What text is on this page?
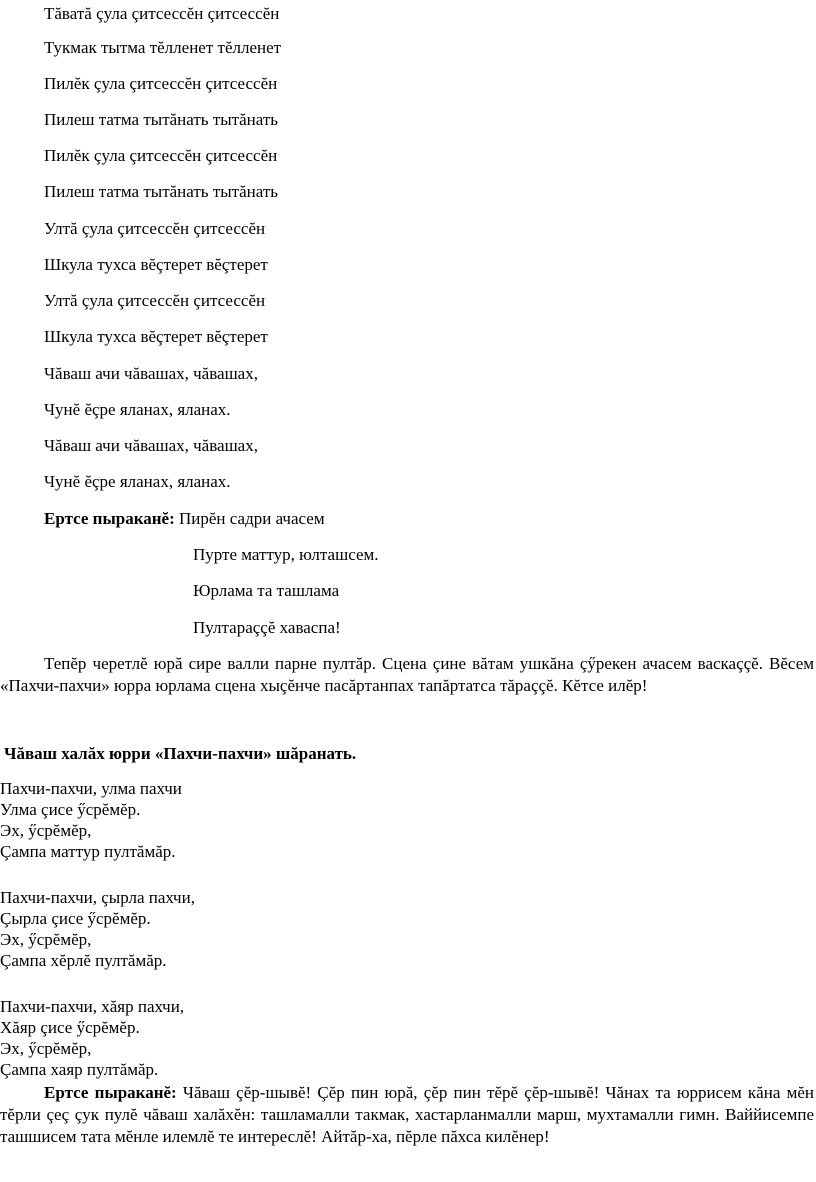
Тăватă çула çитсессĕн çитсессĕн
Тукмак тытма тĕлленет тĕлленет
Пилĕк çула çитсессĕн çитсессĕн
Пилеш татма тытăнать тытăнать
Пилĕк çула çитсессĕн çитсессĕн
Пилеш татма тытăнать тытăнать
Ултă çула çитсессĕн çитсессĕн
Шкула тухса вĕçтерет вĕçтерет
Ултă çула çитсессĕн çитсессĕн
Шкула тухса вĕçтерет вĕçтерет
Чăваш ачи чăвашах, чăвашах,
Чунĕ ĕçре яланах, яланах.
Чăваш ачи чăвашах, чăвашах,
Чунĕ ĕçре яланах, яланах.
Ертсе пыраканĕ: Пирĕн садри ачасем
Пурте маттур, юлташсем.
Юрлама та ташлама
Пултараççĕ хаваспа!
Тепĕр черетлĕ юрă сире валли парне пултăр. Сцена çине вăтам ушкăна çӳрекен ачасем васкаççĕ. Вĕсем «Пахчи-пахчи» юрра юрлама сцена хыçĕнче пасăртанпах тапăртатса тăраççĕ. Кĕтсе илĕр!
Чăваш халăх юрри «Пахчи-пахчи» шăранать.
Пахчи-пахчи, улма пахчи
Улма çисе ӳсрĕмĕр.
Эх, ӳсрĕмĕр,
Çампа маттур пултăмăр.
Пахчи-пахчи, çырла пахчи,
Çырла çисе ӳсрĕмĕр.
Эх, ӳсрĕмĕр,
Çампа хĕрлĕ пултăмăр.
Пахчи-пахчи, хăяр пахчи,
Хăяр çисе ӳсрĕмĕр.
Эх, ӳсрĕмĕр,
Çампа хаяр пултăмăр.
Ертсе пыраканĕ: Чăваш çĕр-шывĕ! Çĕр пин юрă, çĕр пин тĕрĕ çĕр-шывĕ! Чăнах та юррисем кăна мĕн тĕрли çеç çук пулĕ чăваш халăхĕн: ташламалли такмак, хастарланмалли марш, мухтамалли гимн. Ваййисемпе ташшисем тата мĕнле илемлĕ те интереслĕ! Айтăр-ха, пĕрле пăхса килĕнер!
